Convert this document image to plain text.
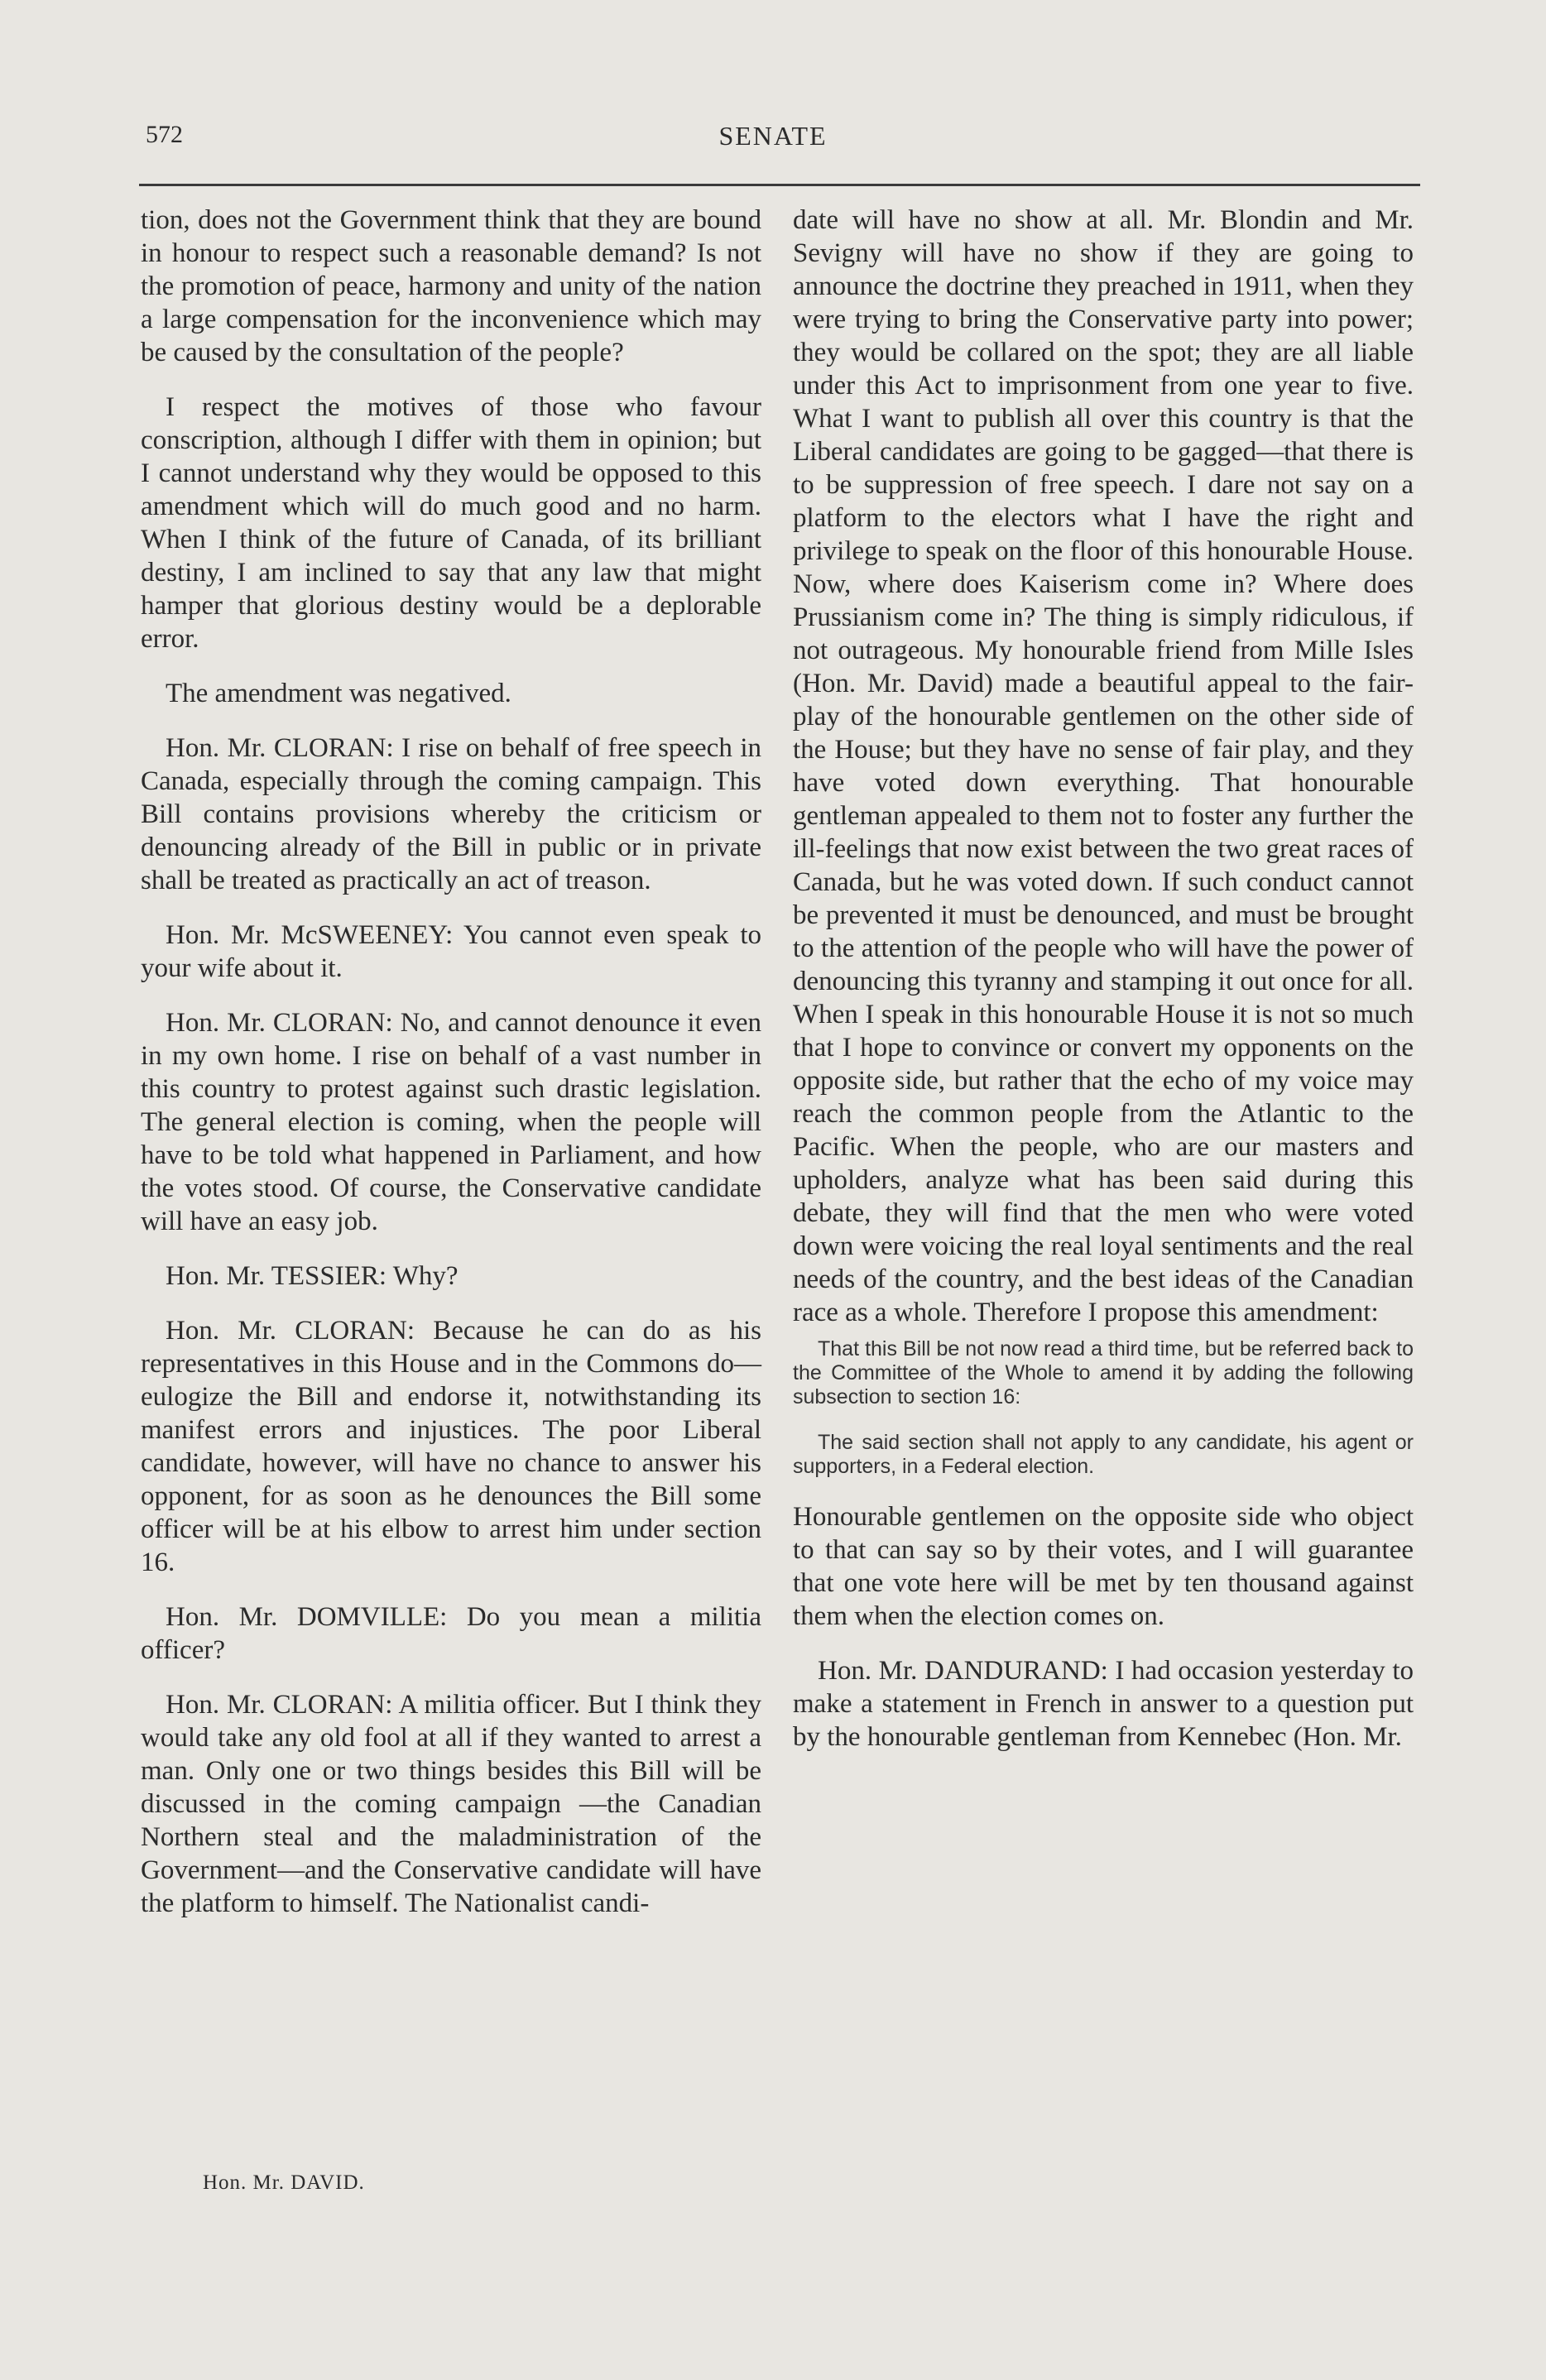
572	SENATE

tion, does not the Government think that they are bound in honour to respect such a reasonable demand? Is not the promotion of peace, harmony and unity of the nation a large compensation for the inconvenience which may be caused by the consultation of the people?

I respect the motives of those who favour conscription, although I differ with them in opinion; but I cannot understand why they would be opposed to this amendment which will do much good and no harm. When I think of the future of Canada, of its brilliant destiny, I am inclined to say that any law that might hamper that glorious destiny would be a deplorable error.

The amendment was negatived.

Hon. Mr. CLORAN: I rise on behalf of free speech in Canada, especially through the coming campaign. This Bill contains provisions whereby the criticism or denouncing already of the Bill in public or in private shall be treated as practically an act of treason.

Hon. Mr. McSWEENEY: You cannot even speak to your wife about it.

Hon. Mr. CLORAN: No, and cannot denounce it even in my own home. I rise on behalf of a vast number in this country to protest against such drastic legislation. The general election is coming, when the people will have to be told what happened in Parliament, and how the votes stood. Of course, the Conservative candidate will have an easy job.

Hon. Mr. TESSIER: Why?

Hon. Mr. CLORAN: Because he can do as his representatives in this House and in the Commons do—eulogize the Bill and endorse it, notwithstanding its manifest errors and injustices. The poor Liberal candidate, however, will have no chance to answer his opponent, for as soon as he denounces the Bill some officer will be at his elbow to arrest him under section 16.

Hon. Mr. DOMVILLE: Do you mean a militia officer?

Hon. Mr. CLORAN: A militia officer. But I think they would take any old fool at all if they wanted to arrest a man. Only one or two things besides this Bill will be discussed in the coming campaign —the Canadian Northern steal and the maladministration of the Government—and the Conservative candidate will have the platform to himself. The Nationalist candi-

date will have no show at all. Mr. Blondin and Mr. Sevigny will have no show if they are going to announce the doctrine they preached in 1911, when they were trying to bring the Conservative party into power; they would be collared on the spot; they are all liable under this Act to imprisonment from one year to five. What I want to publish all over this country is that the Liberal candidates are going to be gagged—that there is to be suppression of free speech. I dare not say on a platform to the electors what I have the right and privilege to speak on the floor of this honourable House. Now, where does Kaiserism come in? Where does Prussianism come in? The thing is simply ridiculous, if not outrageous. My honourable friend from Mille Isles (Hon. Mr. David) made a beautiful appeal to the fair-play of the honourable gentlemen on the other side of the House; but they have no sense of fair play, and they have voted down everything. That honourable gentleman appealed to them not to foster any further the ill-feelings that now exist between the two great races of Canada, but he was voted down. If such conduct cannot be prevented it must be denounced, and must be brought to the attention of the people who will have the power of denouncing this tyranny and stamping it out once for all. When I speak in this honourable House it is not so much that I hope to convince or convert my opponents on the opposite side, but rather that the echo of my voice may reach the common people from the Atlantic to the Pacific. When the people, who are our masters and upholders, analyze what has been said during this debate, they will find that the men who were voted down were voicing the real loyal sentiments and the real needs of the country, and the best ideas of the Canadian race as a whole. Therefore I propose this amendment:

That this Bill be not now read a third time, but be referred back to the Committee of the Whole to amend it by adding the following subsection to section 16:

The said section shall not apply to any candidate, his agent or supporters, in a Federal election.

Honourable gentlemen on the opposite side who object to that can say so by their votes, and I will guarantee that one vote here will be met by ten thousand against them when the election comes on.

Hon. Mr. DANDURAND: I had occasion yesterday to make a statement in French in answer to a question put by the honourable gentleman from Kennebec (Hon. Mr.

Hon. Mr. DAVID.
